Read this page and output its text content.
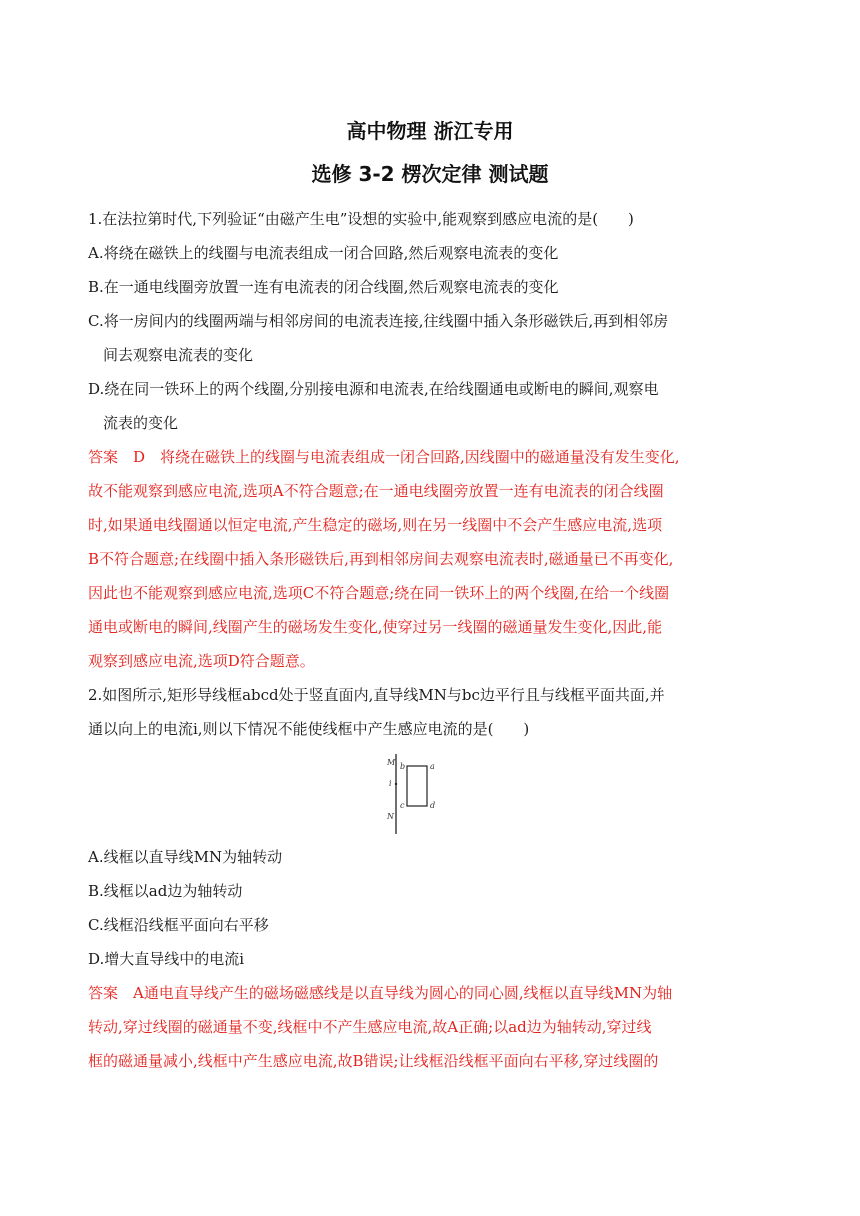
高中物理 浙江专用
选修 3-2 楞次定律 测试题
1.在法拉第时代,下列验证“由磁产生电”设想的实验中,能观察到感应电流的是(　　)
A.将绕在磁铁上的线圈与电流表组成一闭合回路,然后观察电流表的变化
B.在一通电线圈旁放置一连有电流表的闭合线圈,然后观察电流表的变化
C.将一房间内的线圈两端与相邻房间的电流表连接,往线圈中插入条形磁铁后,再到相邻房
间去观察电流表的变化
D.绕在同一铁环上的两个线圈,分别接电源和电流表,在给线圈通电或断电的瞬间,观察电
流表的变化
答案　D　将绕在磁铁上的线圈与电流表组成一闭合回路,因线圈中的磁通量没有发生变化,
故不能观察到感应电流,选项A不符合题意;在一通电线圈旁放置一连有电流表的闭合线圈
时,如果通电线圈通以恒定电流,产生稳定的磁场,则在另一线圈中不会产生感应电流,选项
B不符合题意;在线圈中插入条形磁铁后,再到相邻房间去观察电流表时,磁通量已不再变化,
因此也不能观察到感应电流,选项C不符合题意;绕在同一铁环上的两个线圈,在给一个线圈
通电或断电的瞬间,线圈产生的磁场发生变化,使穿过另一线圈的磁通量发生变化,因此,能
观察到感应电流,选项D符合题意。
2.如图所示,矩形导线框abcd处于竖直面内,直导线MN与bc边平行且与线框平面共面,并
通以向上的电流i,则以下情况不能使线框中产生感应电流的是(　　)
M
i
N
b	a
c	d
A.线框以直导线MN为轴转动
B.线框以ad边为轴转动
C.线框沿线框平面向右平移
D.增大直导线中的电流i
答案　A通电直导线产生的磁场磁感线是以直导线为圆心的同心圆,线框以直导线MN为轴
转动,穿过线圈的磁通量不变,线框中不产生感应电流,故A正确;以ad边为轴转动,穿过线
框的磁通量减小,线框中产生感应电流,故B错误;让线框沿线框平面向右平移,穿过线圈的
